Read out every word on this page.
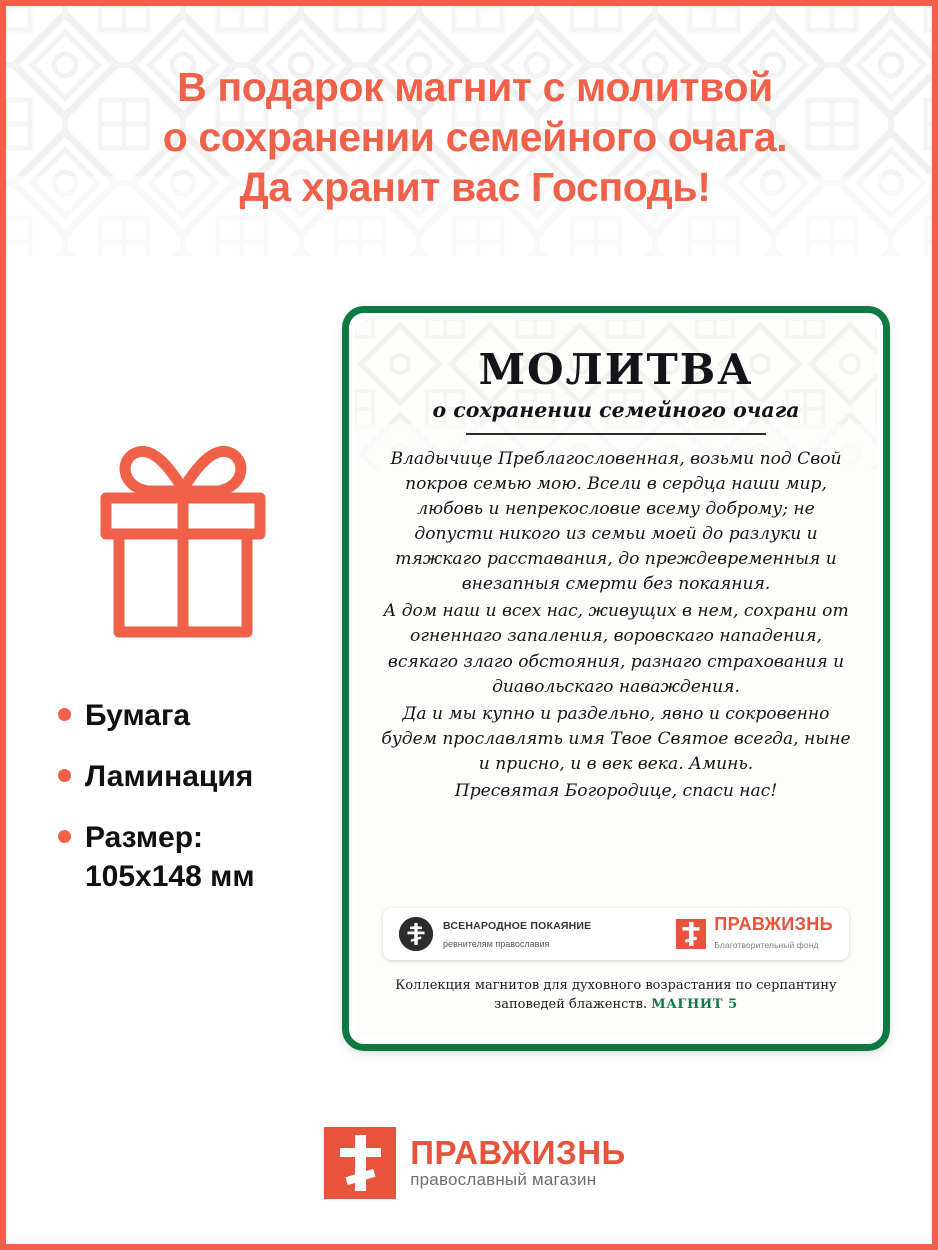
В подарок магнит с молитвой
о сохранении семейного очага.
Да хранит вас Господь!
Бумага
Ламинация
Размер:
105х148 мм
МОЛИТВА
о сохранении семейного очага

Владычице Преблагословенная, возьми под Свой покров семью мою. Всели в сердца наши мир, любовь и непрекословие всему доброму; не допусти никого из семьи моей до разлуки и тяжкаго расставания, до преждевременныя и внезапныя смерти без покаяния.

А дом наш и всех нас, живущих в нем, сохрани от огненнаго запаления, воровскаго нападения, всякаго злаго обстояния, разнаго страхования и диавольскаго наваждения.

Да и мы купно и раздельно, явно и сокровенно будем прославлять имя Твое Святое всегда, ныне и присно, и в век века. Аминь.

Пресвятая Богородице, спаси нас!

ВСЕНАРОДНОЕ ПОКАЯНИЕ
ревнителям православия
ПРАВЖИЗНЬ
Благотворительный фонд
Коллекция магнитов для духовного возрастания по серпантину
заповедей блаженств. МАГНИТ 5
ПРАВЖИЗНЬ
православный магазин
